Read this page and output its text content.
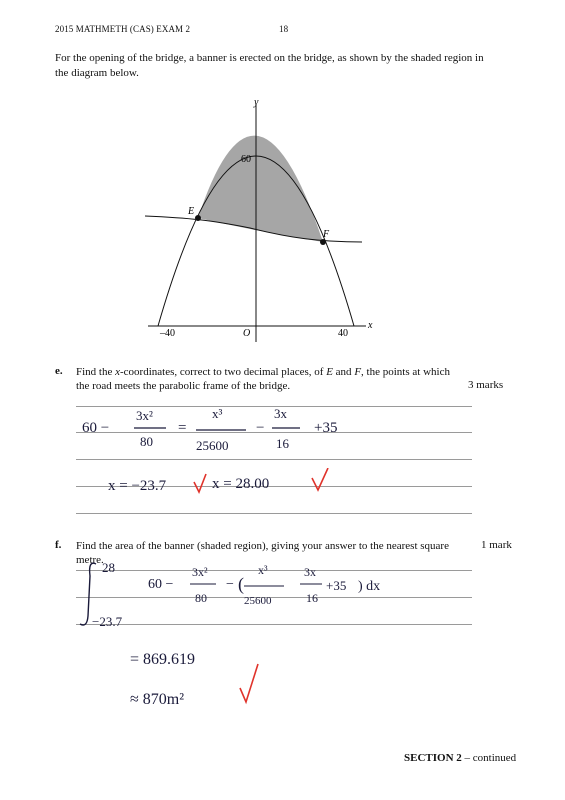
2015 MATHMETH (CAS) EXAM 2	18
For the opening of the bridge, a banner is erected on the bridge, as shown by the shaded region in the diagram below.
y
x
60
–40	40
O
E
F
e. Find the x-coordinates, correct to two decimal places, of E and F, the points at which
the road meets the parabolic frame of the bridge.	3 marks
60 −
3x²
80
=
x³
25600
−
3x
16
+35
x = −23.7	x = 28.00
f. Find the area of the banner (shaded region), giving your answer to the nearest square metre.
1 mark
28
−23.7
60 −
3x²
80
− (
x³
25600
3x
16
+35 ) dx
= 869.619
≈ 870m²
SECTION 2 – continued
